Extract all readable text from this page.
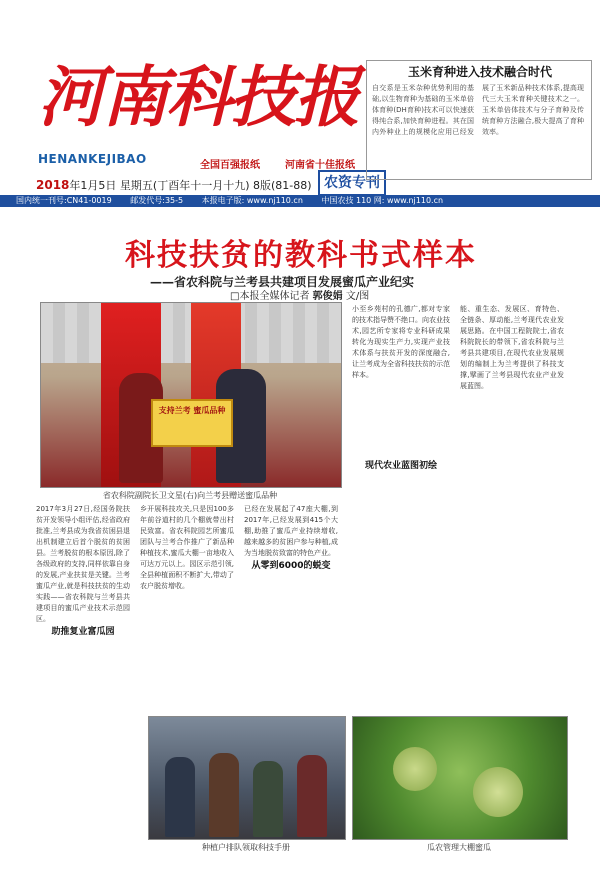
河南科技报
HENANKEJIBAO	全国百强报纸	河南省十佳报纸
2018年1月5日 星期五(丁酉年十一月十九) 8版(81-88) 农资专刊
国内统一刊号:CN41-0019 邮发代号:35-5 本报电子版: www.nj110.cn 中国农技 110 网: www.nj110.cn
玉米育种进入技术融合时代
自交系是玉米杂种优势利用的基础,以生物育种为基础的玉米单倍体育种(DH育种)技术可以快速获得纯合系,加快育种进程。其在国内外种业上的规模化应用已经发展了玉米新品种技术体系,提高现代三大玉米育种关键技术之一。玉米单倍体技术与分子育种及传统育种方法融合,极大提高了育种效率。
科技扶贫的教科书式样本
——省农科院与兰考县共建项目发展蜜瓜产业纪实
□本报全媒体记者 郭俊娟 文/图
支持兰考 蜜瓜品种
省农科院副院长卫文星(右)向兰考县赠送蜜瓜品种
2017年3月27日,经国务院扶贫开发领导小组评估,经省政府批准,兰考县成为我省贫困县退出机制建立后首个脱贫的贫困县。兰考脱贫的根本原因,除了各级政府的支持,同样依靠自身的发展,产业扶贫是关键。兰考蜜瓜产业,就是科技扶贫的生动实践——省农科院与兰考县共建项目的蜜瓜产业技术示范园区。
助推复业富瓜园
乡开展科技攻关,只是因100多年前谷道村的几个棚就带出村民致富。省农科院园艺所蜜瓜团队与兰考合作推广了新品种种植技术,蜜瓜大棚一亩地收入可达万元以上。园区示范引领,全县种植面积不断扩大,带动了农户脱贫增收。
已经在发展起了47座大棚,到2017年,已经发展到415个大棚,助推了蜜瓜产业持续增收,越来越多的贫困户参与种植,成为当地脱贫致富的特色产业。
从零到6000的蜕变
小至乡苑村的孔德广,都对专家的技术指导赞不绝口。向农业技术,园艺所专家将专业科研成果转化为现实生产力,实现产业技术体系与扶贫开发的深度融合,让兰考成为全省科技扶贫的示范样本。
现代农业蓝图初绘
能、重生态、发展区、育特色、全链条、厚动能,兰考现代农业发展思路。在中国工程院院士,省农科院院长的带领下,省农科院与兰考县共建项目,在现代农业发展规划的编制上为兰考提供了科技支撑,擘画了兰考县现代农业产业发展蓝图。
种植户排队领取科技手册	瓜农管理大棚蜜瓜
